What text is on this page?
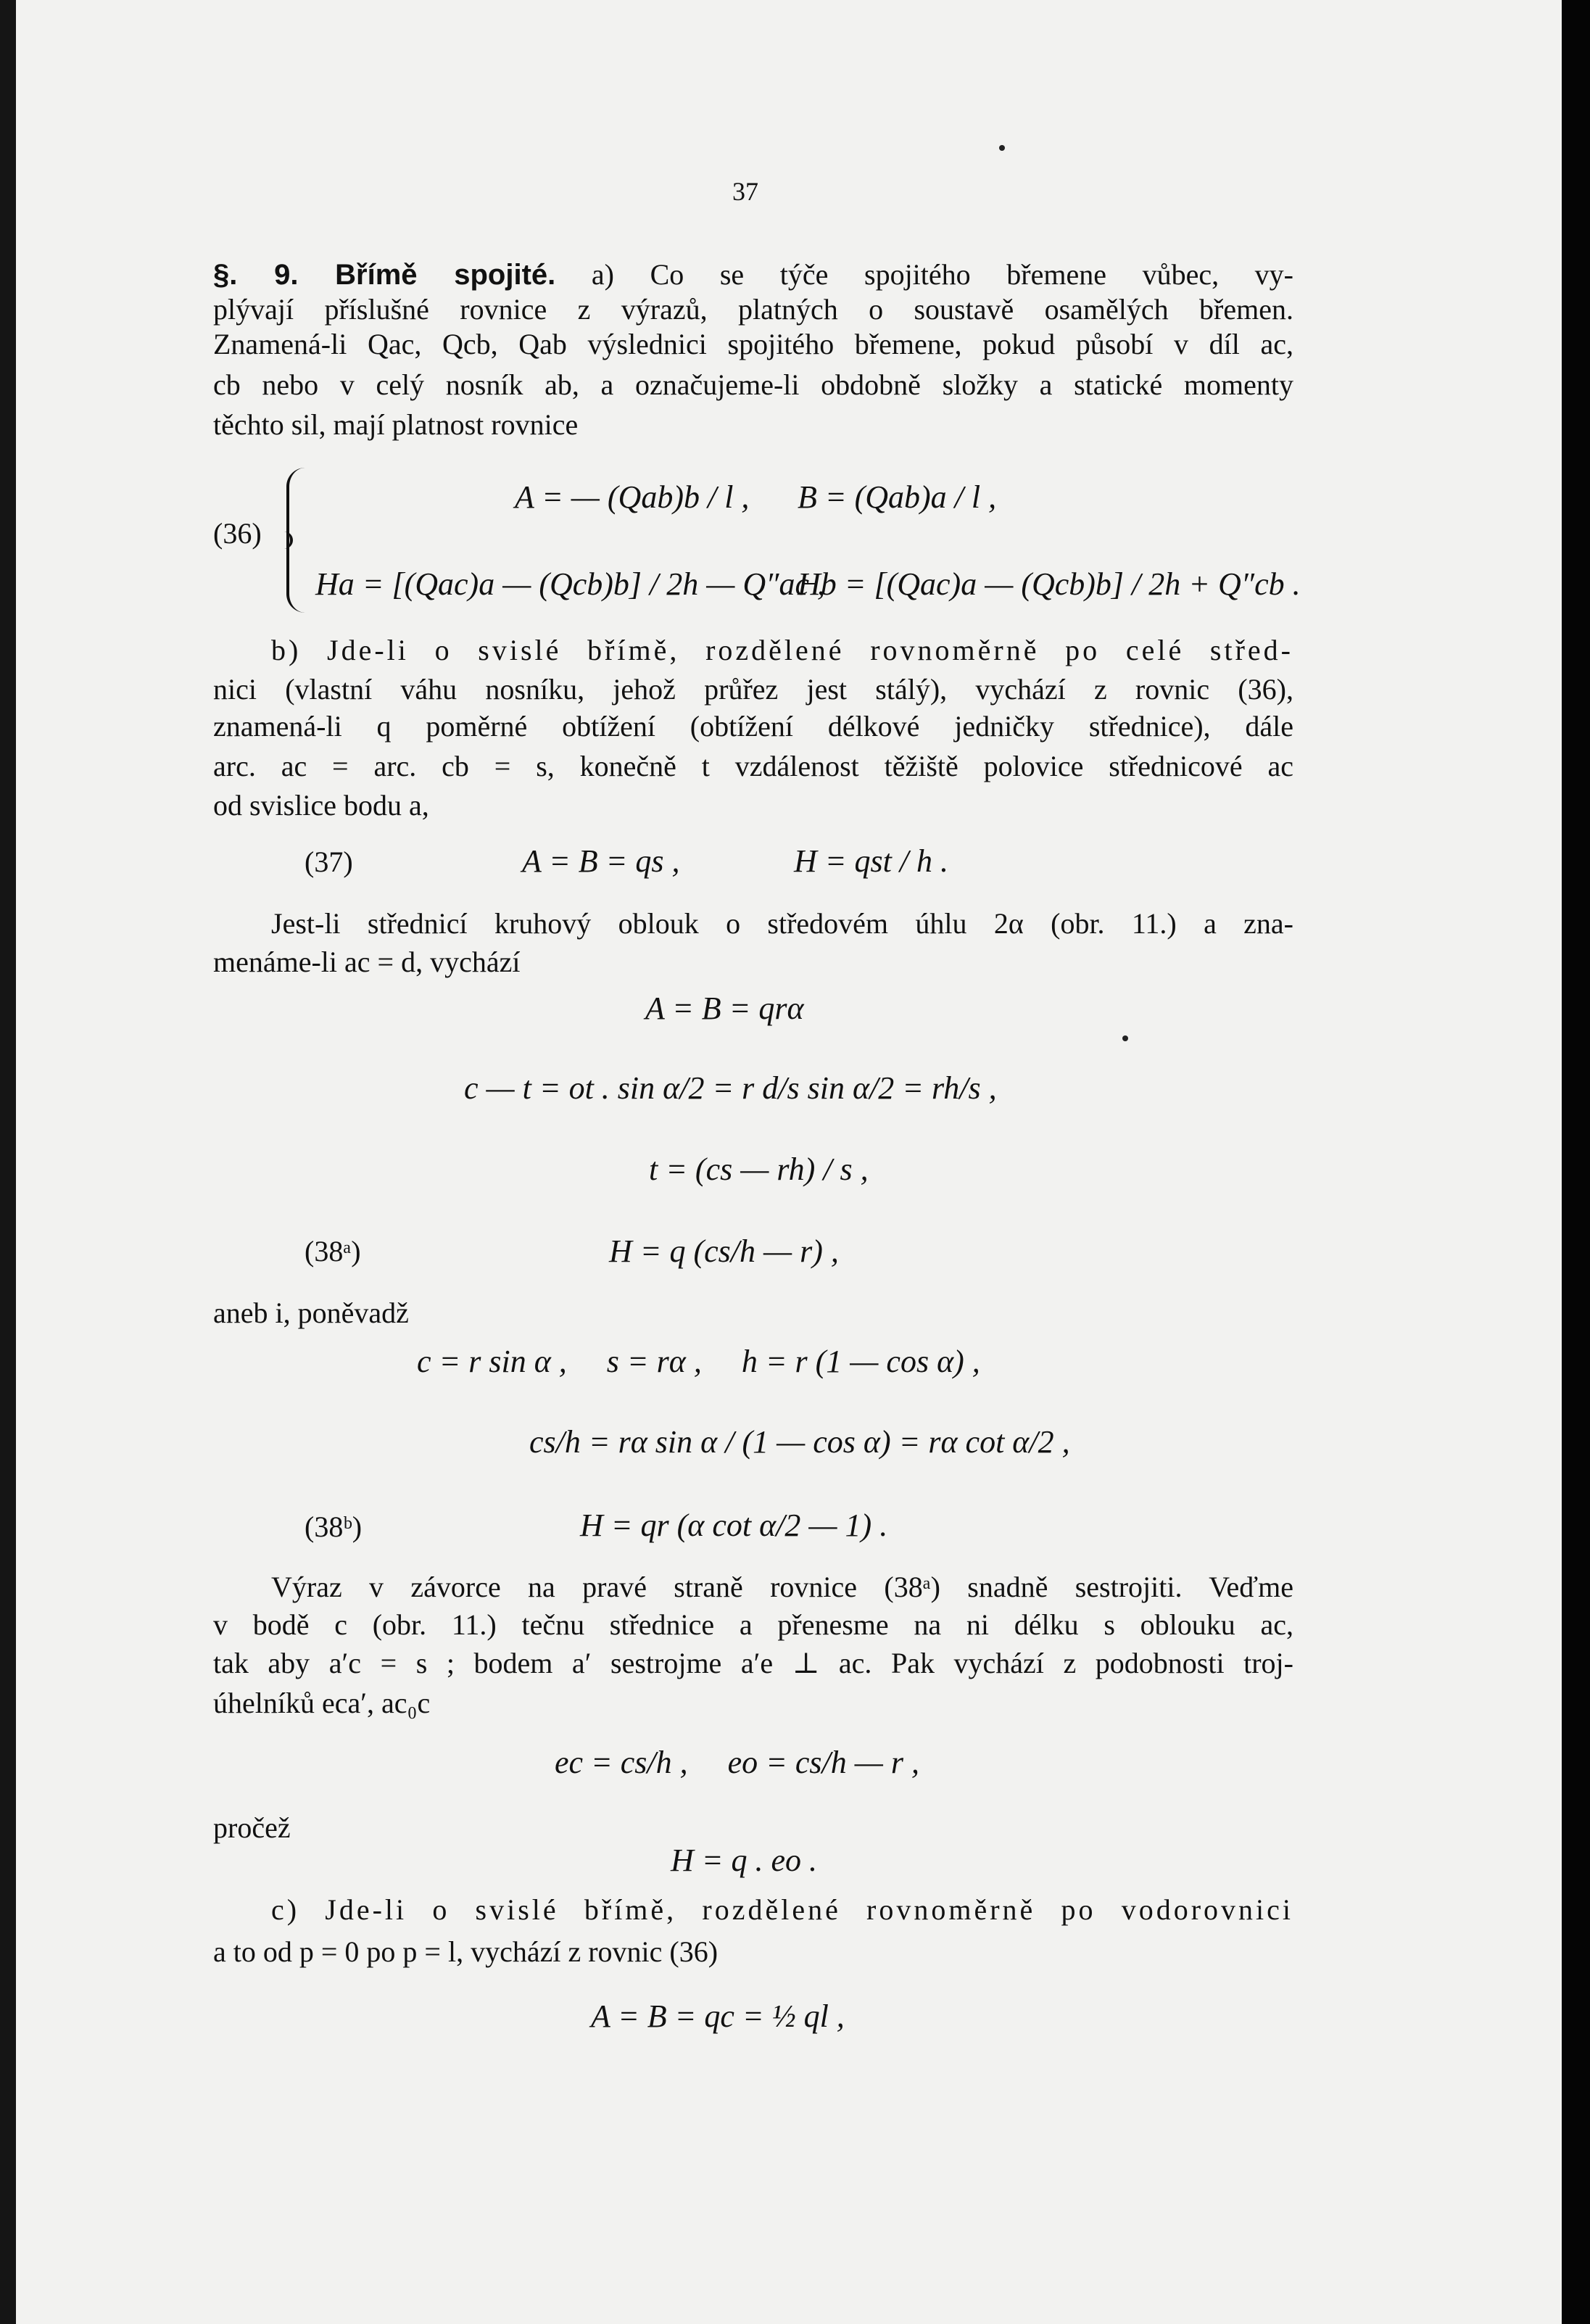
37

§. 9. Břímě spojité. a) Co se týče spojitého břemene vůbec, vy-

plývají příslušné rovnice z výrazů, platných o soustavě osamělých břemen.

Znamená-li Qac, Qcb, Qab výslednici spojitého břemene, pokud působí v díl ac,

cb nebo v celý nosník ab, a označujeme-li obdobně složky a statické momenty

těchto sil, mají platnost rovnice

(36)

A = — (Qab)b / l , B = (Qab)a / l ,

Ha = [(Qac)a — (Qcb)b] / 2h — Q″ac ,

Hb = [(Qac)a — (Qcb)b] / 2h + Q″cb .

b) Jde-li o svislé břímě, rozdělené rovnoměrně po celé střed-

nici (vlastní váhu nosníku, jehož průřez jest stálý), vychází z rovnic (36),

znamená-li q poměrné obtížení (obtížení délkové jedničky střednice), dále

arc. ac = arc. cb = s, konečně t vzdálenost těžiště polovice střednicové ac

od svislice bodu a,

(37)	A = B = qs ,	H = qst / h .

Jest-li střednicí kruhový oblouk o středovém úhlu 2α (obr. 11.) a zna-

menáme-li ac = d, vychází

A = B = qrα

c — t = ot . sin α/2 = r d/s sin α/2 = rh/s ,

t = (cs — rh) / s ,

(38ᵃ)	H = q (cs/h — r) ,

aneb i, poněvadž

c = r sin α ,     s = rα ,     h = r (1 — cos α) ,

cs/h = rα sin α / (1 — cos α) = rα cot α/2 ,

(38ᵇ)	H = qr (α cot α/2 — 1) .

Výraz v závorce na pravé straně rovnice (38ᵃ) snadně sestrojiti. Veďme

v bodě c (obr. 11.) tečnu střednice a přenesme na ni délku s oblouku ac,

tak aby a′c = s ; bodem a′ sestrojme a′e ⊥ ac. Pak vychází z podobnosti troj-

úhelníků eca′, ac₀c

ec = cs/h ,     eo = cs/h — r ,

pročež

H = q . eo .

c) Jde-li o svislé břímě, rozdělené rovnoměrně po vodorovnici

a to od p = 0 po p = l, vychází z rovnic (36)

A = B = qc = ½ ql ,
